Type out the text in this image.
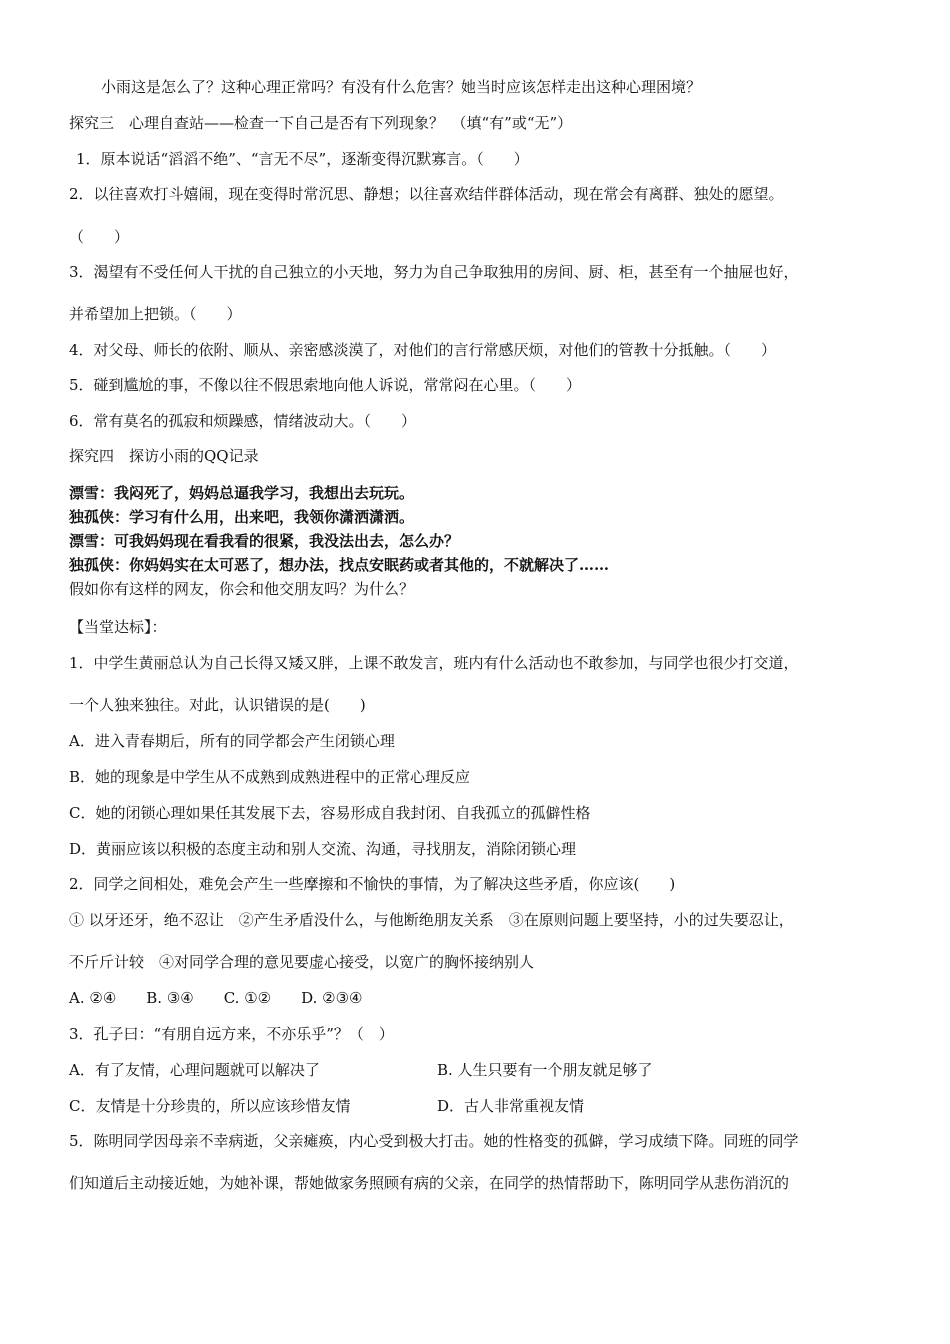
小雨这是怎么了？这种心理正常吗？有没有什么危害？她当时应该怎样走出这种心理困境？
探究三　心理自查站——检查一下自己是否有下列现象？　（填“有”或“无”）
1．原本说话“滔滔不绝”、“言无不尽”，逐渐变得沉默寡言。（　　）
2．以往喜欢打斗嬉闹，现在变得时常沉思、静想；以往喜欢结伴群体活动，现在常会有离群、独处的愿望。
（　　）
3．渴望有不受任何人干扰的自己独立的小天地，努力为自己争取独用的房间、厨、柜，甚至有一个抽屉也好，
并希望加上把锁。（　　）
4．对父母、师长的依附、顺从、亲密感淡漠了，对他们的言行常感厌烦，对他们的管教十分抵触。（　　）
5．碰到尴尬的事，不像以往不假思索地向他人诉说，常常闷在心里。（　　）
6．常有莫名的孤寂和烦躁感，情绪波动大。（　　）
探究四　探访小雨的QQ记录
漂雪：我闷死了，妈妈总逼我学习，我想出去玩玩。
独孤侠：学习有什么用，出来吧，我领你潇洒潇洒。
漂雪：可我妈妈现在看我看的很紧，我没法出去，怎么办？
独孤侠：你妈妈实在太可恶了，想办法，找点安眠药或者其他的，不就解决了……
假如你有这样的网友，你会和他交朋友吗？为什么？
【当堂达标】：
1．中学生黄丽总认为自己长得又矮又胖，上课不敢发言，班内有什么活动也不敢参加，与同学也很少打交道，
一个人独来独往。对此，认识错误的是(　　)
A．进入青春期后，所有的同学都会产生闭锁心理
B．她的现象是中学生从不成熟到成熟进程中的正常心理反应
C．她的闭锁心理如果任其发展下去，容易形成自我封闭、自我孤立的孤僻性格
D．黄丽应该以积极的态度主动和别人交流、沟通，寻找朋友，消除闭锁心理
2．同学之间相处，难免会产生一些摩擦和不愉快的事情，为了解决这些矛盾，你应该(　　)
① 以牙还牙，绝不忍让　②产生矛盾没什么，与他断绝朋友关系　③在原则问题上要坚持，小的过失要忍让，
不斤斤计较　④对同学合理的意见要虚心接受，以宽广的胸怀接纳别人
A. ②④　　B. ③④　　C. ①②　　D. ②③④
3．孔子曰：“有朋自远方来，不亦乐乎”？（　）
A．有了友情，心理问题就可以解决了	B. 人生只要有一个朋友就足够了
C．友情是十分珍贵的，所以应该珍惜友情	D．古人非常重视友情
5．陈明同学因母亲不幸病逝，父亲瘫痪，内心受到极大打击。她的性格变的孤僻，学习成绩下降。同班的同学
们知道后主动接近她，为她补课，帮她做家务照顾有病的父亲，在同学的热情帮助下，陈明同学从悲伤消沉的
